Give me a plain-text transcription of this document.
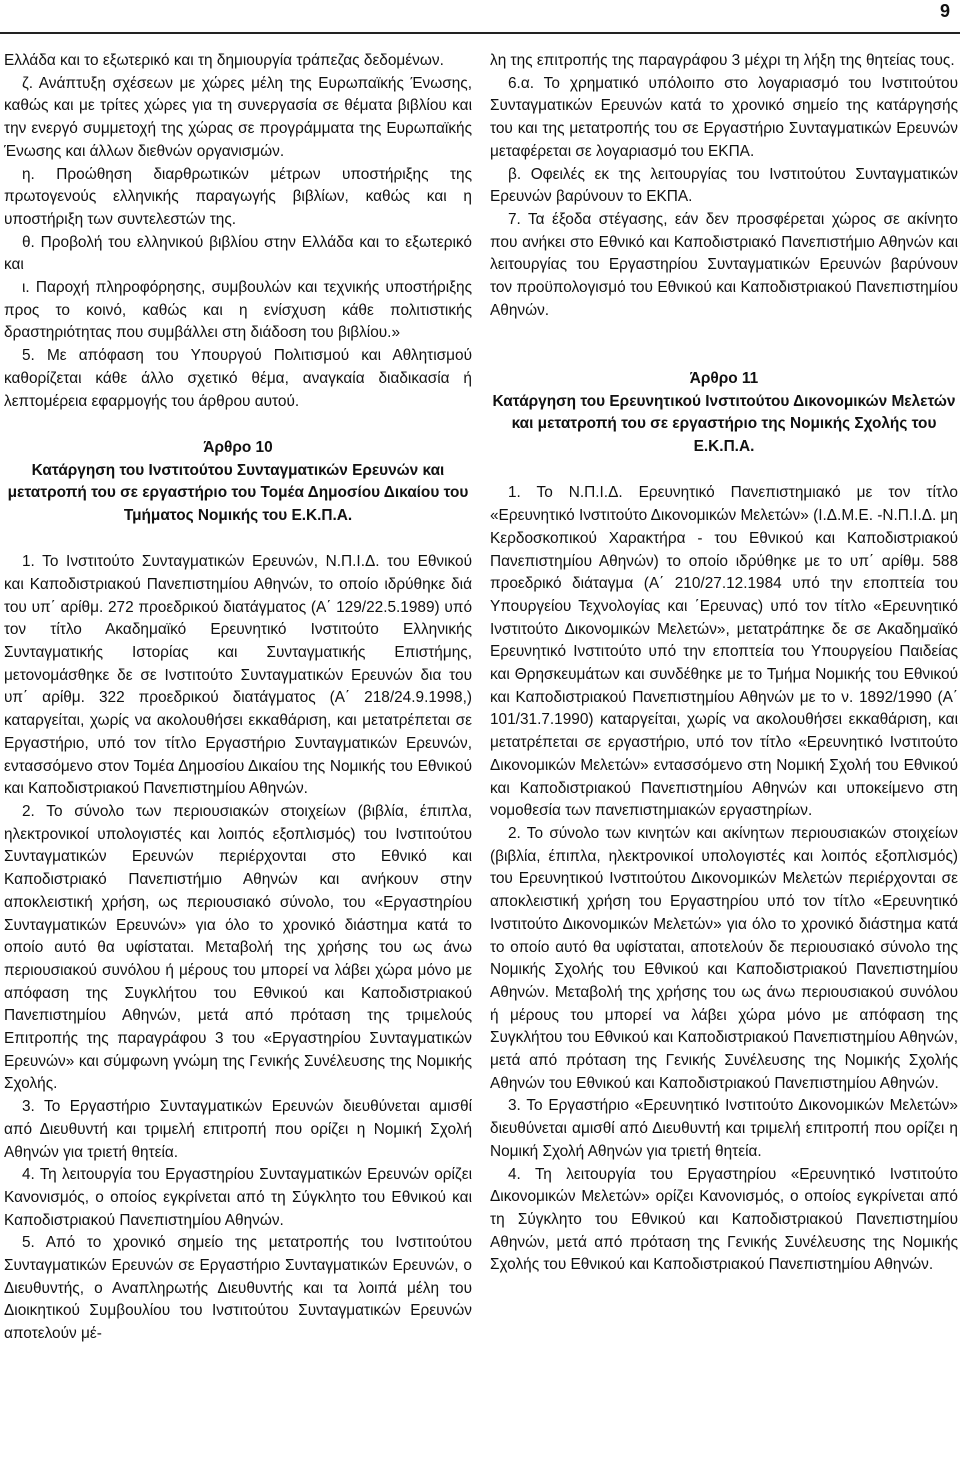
9

Ελλάδα και το εξωτερικό και τη δημιουργία τράπεζας δεδομένων.

ζ. Ανάπτυξη σχέσεων με χώρες μέλη της Ευρωπαϊκής Ένωσης, καθώς και με τρίτες χώρες για τη συνεργασία σε θέματα βιβλίου και την ενεργό συμμετοχή της χώρας σε προγράμματα της Ευρωπαϊκής Ένωσης και άλλων διεθνών οργανισμών.

η. Προώθηση διαρθρωτικών μέτρων υποστήριξης της πρωτογενούς ελληνικής παραγωγής βιβλίων, καθώς και η υποστήριξη των συντελεστών της.

θ. Προβολή του ελληνικού βιβλίου στην Ελλάδα και το εξωτερικό και

ι. Παροχή πληροφόρησης, συμβουλών και τεχνικής υποστήριξης προς το κοινό, καθώς και η ενίσχυση κάθε πολιτιστικής δραστηριότητας που συμβάλλει στη διάδοση του βιβλίου.»

5. Με απόφαση του Υπουργού Πολιτισμού και Αθλητισμού καθορίζεται κάθε άλλο σχετικό θέμα, αναγκαία διαδικασία ή λεπτομέρεια εφαρμογής του άρθρου αυτού.

Άρθρο 10
Κατάργηση του Ινστιτούτου Συνταγματικών Ερευνών και μετατροπή του σε εργαστήριο του Τομέα Δημοσίου Δικαίου του Τμήματος Νομικής του Ε.Κ.Π.Α.

1. Το Ινστιτούτο Συνταγματικών Ερευνών, Ν.Π.Ι.Δ. του Εθνικού και Καποδιστριακού Πανεπιστημίου Αθηνών, το οποίο ιδρύθηκε διά του υπ΄ αρίθμ. 272 προεδρικού διατάγματος (Α΄ 129/22.5.1989) υπό τον τίτλο Ακαδημαϊκό Ερευνητικό Ινστιτούτο Ελληνικής Συνταγματικής Ιστορίας και Συνταγματικής Επιστήμης, μετονομάσθηκε δε σε Ινστιτούτο Συνταγματικών Ερευνών δια του υπ΄ αρίθμ. 322 προεδρικού διατάγματος (Α΄ 218/24.9.1998,) καταργείται, χωρίς να ακολουθήσει εκκαθάριση, και μετατρέπεται σε Εργαστήριο, υπό τον τίτλο Εργαστήριο Συνταγματικών Ερευνών, εντασσόμενο στον Τομέα Δημοσίου Δικαίου της Νομικής του Εθνικού και Καποδιστριακού Πανεπιστημίου Αθηνών.

2. Το σύνολο των περιουσιακών στοιχείων (βιβλία, έπιπλα, ηλεκτρονικοί υπολογιστές και λοιπός εξοπλισμός) του Ινστιτούτου Συνταγματικών Ερευνών περιέρχονται στο Εθνικό και Καποδιστριακό Πανεπιστήμιο Αθηνών και ανήκουν στην αποκλειστική χρήση, ως περιουσιακό σύνολο, του «Εργαστηρίου Συνταγματικών Ερευνών» για όλο το χρονικό διάστημα κατά το οποίο αυτό θα υφίσταται. Μεταβολή της χρήσης του ως άνω περιουσιακού συνόλου ή μέρους του μπορεί να λάβει χώρα μόνο με απόφαση της Συγκλήτου του Εθνικού και Καποδιστριακού Πανεπιστημίου Αθηνών, μετά από πρόταση της τριμελούς Επιτροπής της παραγράφου 3 του «Εργαστηρίου Συνταγματικών Ερευνών» και σύμφωνη γνώμη της Γενικής Συνέλευσης της Νομικής Σχολής.

3. Το Εργαστήριο Συνταγματικών Ερευνών διευθύνεται αμισθί από Διευθυντή και τριμελή επιτροπή που ορίζει η Νομική Σχολή Αθηνών για τριετή θητεία.

4. Τη λειτουργία του Εργαστηρίου Συνταγματικών Ερευνών ορίζει Κανονισμός, ο οποίος εγκρίνεται από τη Σύγκλητο του Εθνικού και Καποδιστριακού Πανεπιστημίου Αθηνών.

5. Από το χρονικό σημείο της μετατροπής του Ινστιτούτου Συνταγματικών Ερευνών σε Εργαστήριο Συνταγματικών Ερευνών, ο Διευθυντής, ο Αναπληρωτής Διευθυντής και τα λοιπά μέλη του Διοικητικού Συμβουλίου του Ινστιτούτου Συνταγματικών Ερευνών αποτελούν μέ-

λη της επιτροπής της παραγράφου 3 μέχρι τη λήξη της θητείας τους.

6.α. Το χρηματικό υπόλοιπο στο λογαριασμό του Ινστιτούτου Συνταγματικών Ερευνών κατά το χρονικό σημείο της κατάργησής του και της μετατροπής του σε Εργαστήριο Συνταγματικών Ερευνών μεταφέρεται σε λογαριασμό του ΕΚΠΑ.

β. Οφειλές εκ της λειτουργίας του Ινστιτούτου Συνταγματικών Ερευνών βαρύνουν το ΕΚΠΑ.

7. Τα έξοδα στέγασης, εάν δεν προσφέρεται χώρος σε ακίνητο που ανήκει στο Εθνικό και Καποδιστριακό Πανεπιστήμιο Αθηνών και λειτουργίας του Εργαστηρίου Συνταγματικών Ερευνών βαρύνουν τον προϋπολογισμό του Εθνικού και Καποδιστριακού Πανεπιστημίου Αθηνών.

Άρθρο 11
Κατάργηση του Ερευνητικού Ινστιτούτου Δικονομικών Μελετών και μετατροπή του σε εργαστήριο της Νομικής Σχολής του Ε.Κ.Π.Α.

1. Το Ν.Π.Ι.Δ. Ερευνητικό Πανεπιστημιακό με τον τίτλο «Ερευνητικό Ινστιτούτο Δικονομικών Μελετών» (Ι.Δ.Μ.Ε. -Ν.Π.Ι.Δ. μη Κερδοσκοπικού Χαρακτήρα - του Εθνικού και Καποδιστριακού Πανεπιστημίου Αθηνών) το οποίο ιδρύθηκε με το υπ΄ αρίθμ. 588 προεδρικό διάταγμα (Α΄ 210/27.12.1984 υπό την εποπτεία του Υπουργείου Τεχνολογίας και ΄Ερευνας) υπό τον τίτλο «Ερευνητικό Ινστιτούτο Δικονομικών Μελετών», μετατράπηκε δε σε Ακαδημαϊκό Ερευνητικό Ινστιτούτο υπό την εποπτεία του Υπουργείου Παιδείας και Θρησκευμάτων και συνδέθηκε με το Τμήμα Νομικής του Εθνικού και Καποδιστριακού Πανεπιστημίου Αθηνών με το ν. 1892/1990 (Α΄ 101/31.7.1990) καταργείται, χωρίς να ακολουθήσει εκκαθάριση, και μετατρέπεται σε εργαστήριο, υπό τον τίτλο «Ερευνητικό Ινστιτούτο Δικονομικών Μελετών» εντασσόμενο στη Νομική Σχολή του Εθνικού και Καποδιστριακού Πανεπιστημίου Αθηνών και υποκείμενο στη νομοθεσία των πανεπιστημιακών εργαστηρίων.

2. Το σύνολο των κινητών και ακίνητων περιουσιακών στοιχείων (βιβλία, έπιπλα, ηλεκτρονικοί υπολογιστές και λοιπός εξοπλισμός) του Ερευνητικού Ινστιτούτου Δικονομικών Μελετών περιέρχονται σε αποκλειστική χρήση του Εργαστηρίου υπό τον τίτλο «Ερευνητικό Ινστιτούτο Δικονομικών Μελετών» για όλο το χρονικό διάστημα κατά το οποίο αυτό θα υφίσταται, αποτελούν δε περιουσιακό σύνολο της Νομικής Σχολής του Εθνικού και Καποδιστριακού Πανεπιστημίου Αθηνών. Μεταβολή της χρήσης του ως άνω περιουσιακού συνόλου ή μέρους του μπορεί να λάβει χώρα μόνο με απόφαση της Συγκλήτου του Εθνικού και Καποδιστριακού Πανεπιστημίου Αθηνών, μετά από πρόταση της Γενικής Συνέλευσης της Νομικής Σχολής Αθηνών του Εθνικού και Καποδιστριακού Πανεπιστημίου Αθηνών.

3. Το Εργαστήριο «Ερευνητικό Ινστιτούτο Δικονομικών Μελετών» διευθύνεται αμισθί από Διευθυντή και τριμελή επιτροπή που ορίζει η Νομική Σχολή Αθηνών για τριετή θητεία.

4. Τη λειτουργία του Εργαστηρίου «Ερευνητικό Ινστιτούτο Δικονομικών Μελετών» ορίζει Κανονισμός, ο οποίος εγκρίνεται από τη Σύγκλητο του Εθνικού και Καποδιστριακού Πανεπιστημίου Αθηνών, μετά από πρόταση της Γενικής Συνέλευσης της Νομικής Σχολής του Εθνικού και Καποδιστριακού Πανεπιστημίου Αθηνών.
